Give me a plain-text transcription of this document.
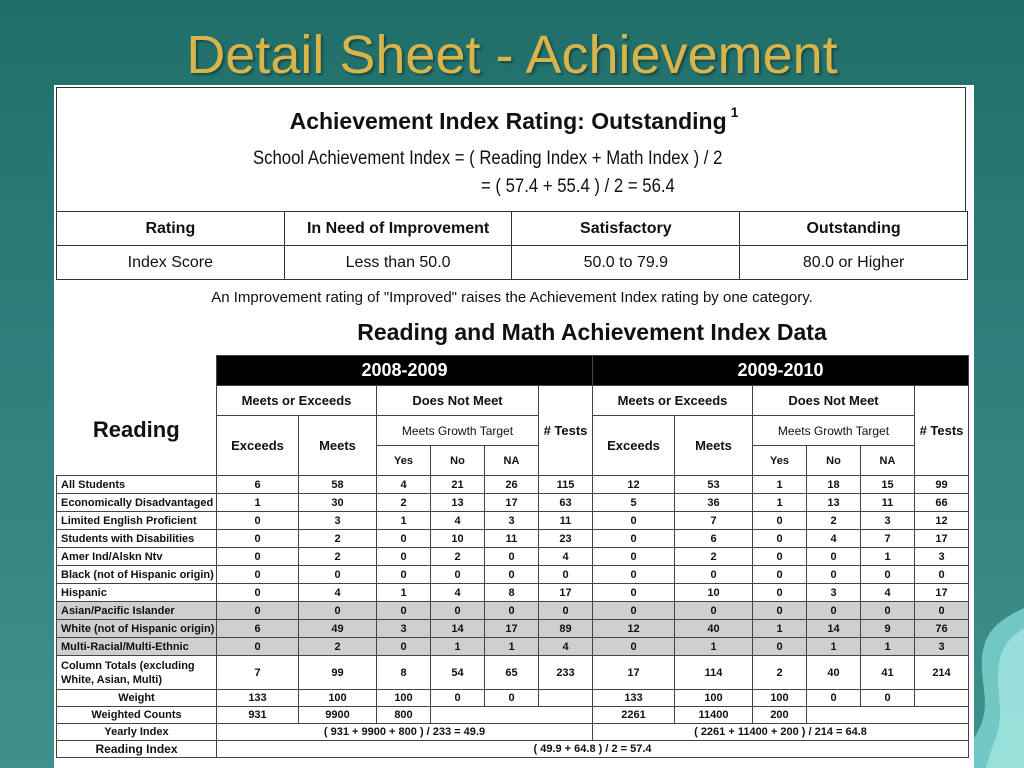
Detail Sheet - Achievement
Achievement Index Rating: Outstanding $^1$
School Achievement Index = ( Reading Index + Math Index ) / 2
= ( 57.4 + 55.4 ) / 2 = 56.4
Rating	In Need of Improvement	Satisfactory	Outstanding
Index Score	Less than 50.0	50.0 to 79.9	80.0 or Higher
An Improvement rating of "Improved" raises the Achievement Index rating by one category.
Reading and Math Achievement Index Data
	2008-2009						2009-2010					
Reading	Meets or Exceeds		Does Not Meet			# Tests	Meets or Exceeds		Does Not Meet			# Tests
	Exceeds	Meets	Meets Growth Target				Exceeds	Meets	Meets Growth Target			
			Yes	No	NA				Yes	No	NA	
All Students	6	58	4	21	26	115	12	53	1	18	15	99
Economically Disadvantaged	1	30	2	13	17	63	5	36	1	13	11	66
Limited English Proficient	0	3	1	4	3	11	0	7	0	2	3	12
Students with Disabilities	0	2	0	10	11	23	0	6	0	4	7	17
Amer Ind/Alskn Ntv	0	2	0	2	0	4	0	2	0	0	1	3
Black (not of Hispanic origin)	0	0	0	0	0	0	0	0	0	0	0	0
Hispanic	0	4	1	4	8	17	0	10	0	3	4	17
Asian/Pacific Islander	0	0	0	0	0	0	0	0	0	0	0	0
White (not of Hispanic origin)	6	49	3	14	17	89	12	40	1	14	9	76
Multi-Racial/Multi-Ethnic	0	2	0	1	1	4	0	1	0	1	1	3
Column Totals (excluding White, Asian, Multi)	7	99	8	54	65	233	17	114	2	40	41	214
Weight	133	100	100	0	0		133	100	100	0	0	
Weighted Counts	931	9900	800				2261	11400	200			
Yearly Index	( 931 + 9900 + 800 ) / 233 = 49.9						( 2261 + 11400 + 200 ) / 214 = 64.8					
Reading Index	( 49.9 + 64.8 ) / 2 = 57.4											
